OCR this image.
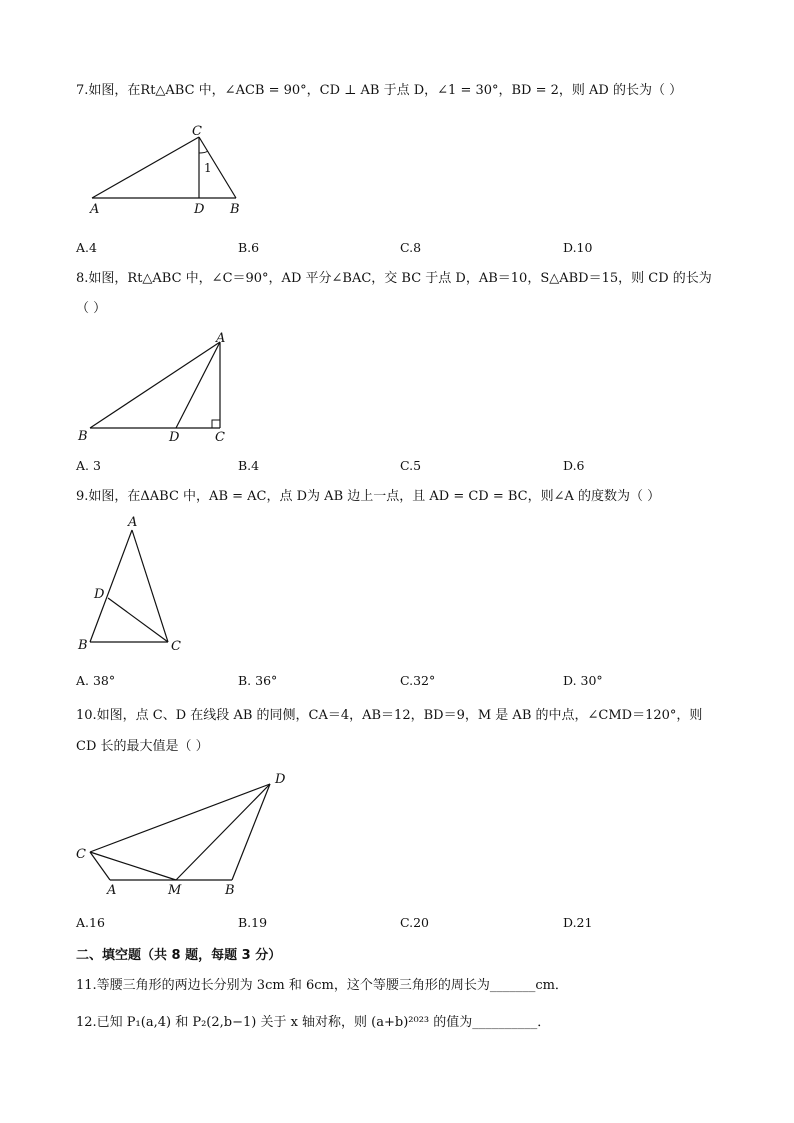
7.如图，在Rt△ABC 中，∠ACB = 90°，CD ⊥ AB 于点 D，∠1 = 30°，BD = 2，则 AD 的长为（ ）
C
1
A	D B
A.4	B.6	C.8	D.10
8.如图，Rt△ABC 中，∠C＝90°，AD 平分∠BAC，交 BC 于点 D，AB＝10，S△ABD＝15，则 CD 的长为
（ ）
A
B	D	C
A. 3	B.4	C.5	D.6
9.如图，在ΔABC 中，AB = AC，点 D为 AB 边上一点，且 AD = CD = BC，则∠A 的度数为（ ）
A
D
B	C
A. 38°	B. 36°	C.32°	D. 30°
10.如图，点 C、D 在线段 AB 的同侧，CA＝4，AB＝12，BD＝9，M 是 AB 的中点，∠CMD＝120°，则
CD 长的最大值是（ ）
D
C
A	M	B
A.16	B.19	C.20	D.21
二、填空题（共 8 题，每题 3 分）
11.等腰三角形的两边长分别为 3cm 和 6cm，这个等腰三角形的周长为_______cm．
12.已知 P₁(a,4) 和 P₂(2,b−1) 关于 x 轴对称，则 (a+b)²⁰²³ 的值为__________．
